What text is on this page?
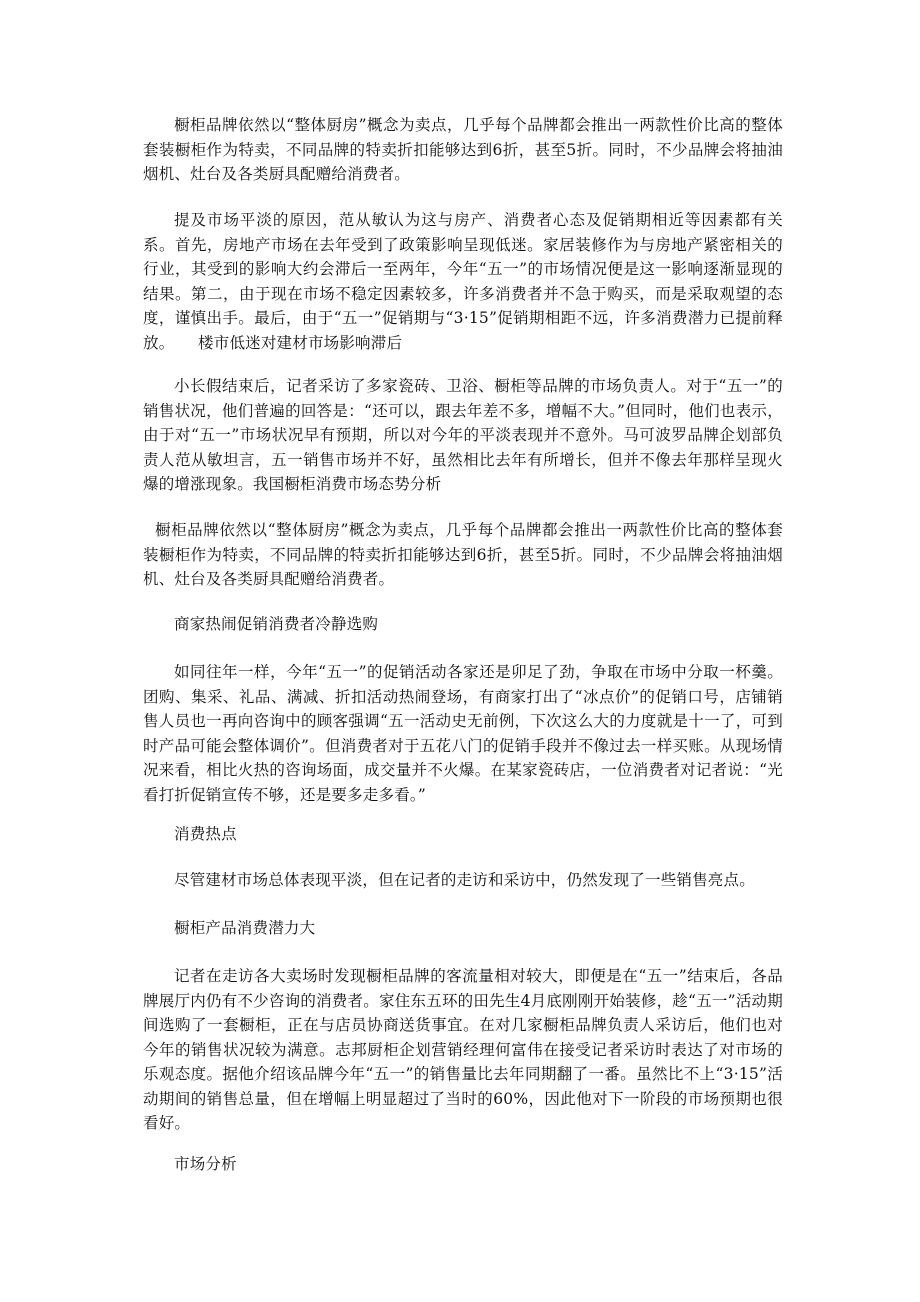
橱柜品牌依然以“整体厨房”概念为卖点，几乎每个品牌都会推出一两款性价比高的整体套装橱柜作为特卖，不同品牌的特卖折扣能够达到6折，甚至5折。同时，不少品牌会将抽油烟机、灶台及各类厨具配赠给消费者。

提及市场平淡的原因，范从敏认为这与房产、消费者心态及促销期相近等因素都有关系。首先，房地产市场在去年受到了政策影响呈现低迷。家居装修作为与房地产紧密相关的行业，其受到的影响大约会滞后一至两年，今年“五一”的市场情况便是这一影响逐渐显现的结果。第二，由于现在市场不稳定因素较多，许多消费者并不急于购买，而是采取观望的态度，谨慎出手。最后，由于“五一”促销期与“3·15”促销期相距不远，许多消费潜力已提前释放。　　楼市低迷对建材市场影响滞后

小长假结束后，记者采访了多家瓷砖、卫浴、橱柜等品牌的市场负责人。对于“五一”的销售状况，他们普遍的回答是：“还可以，跟去年差不多，增幅不大。”但同时，他们也表示，由于对“五一”市场状况早有预期，所以对今年的平淡表现并不意外。马可波罗品牌企划部负责人范从敏坦言，五一销售市场并不好，虽然相比去年有所增长，但并不像去年那样呈现火爆的增涨现象。我国橱柜消费市场态势分析

橱柜品牌依然以“整体厨房”概念为卖点，几乎每个品牌都会推出一两款性价比高的整体套装橱柜作为特卖，不同品牌的特卖折扣能够达到6折，甚至5折。同时，不少品牌会将抽油烟机、灶台及各类厨具配赠给消费者。

商家热闹促销消费者冷静选购

如同往年一样，今年“五一”的促销活动各家还是卯足了劲，争取在市场中分取一杯羹。团购、集采、礼品、满减、折扣活动热闹登场，有商家打出了“冰点价”的促销口号，店铺销售人员也一再向咨询中的顾客强调“五一活动史无前例，下次这么大的力度就是十一了，可到时产品可能会整体调价”。但消费者对于五花八门的促销手段并不像过去一样买账。从现场情况来看，相比火热的咨询场面，成交量并不火爆。在某家瓷砖店，一位消费者对记者说：“光看打折促销宣传不够，还是要多走多看。”

消费热点

尽管建材市场总体表现平淡，但在记者的走访和采访中，仍然发现了一些销售亮点。

橱柜产品消费潜力大

记者在走访各大卖场时发现橱柜品牌的客流量相对较大，即便是在“五一”结束后，各品牌展厅内仍有不少咨询的消费者。家住东五环的田先生4月底刚刚开始装修，趁“五一”活动期间选购了一套橱柜，正在与店员协商送货事宜。在对几家橱柜品牌负责人采访后，他们也对今年的销售状况较为满意。志邦厨柜企划营销经理何富伟在接受记者采访时表达了对市场的乐观态度。据他介绍该品牌今年“五一”的销售量比去年同期翻了一番。虽然比不上“3·15”活动期间的销售总量，但在增幅上明显超过了当时的60%，因此他对下一阶段的市场预期也很看好。

市场分析
